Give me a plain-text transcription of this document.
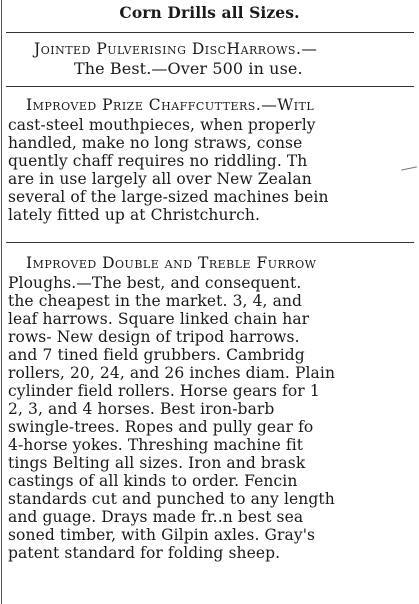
Corn Drills all Sizes.
Jointed Pulverising DiscHarrows.—
The Best.—Over 500 in use.
Improved Prize Chaffcutters.—Witl
cast-steel mouthpieces, when properly
handled, make no long straws, conse
quently chaff requires no riddling. Th
are in use largely all over New Zealan
several of the large-sized machines bein
lately fitted up at Christchurch.
Improved Double and Treble Furrow
Ploughs.—The best, and consequent.
the cheapest in the market. 3, 4, and
leaf harrows. Square linked chain har
rows- New design of tripod harrows.
and 7 tined field grubbers. Cambridg
rollers, 20, 24, and 26 inches diam. Plain
cylinder field rollers. Horse gears for 1
2, 3, and 4 horses. Best iron-barb
swingle-trees. Ropes and pully gear fo
4-horse yokes. Threshing machine fit
tings Belting all sizes. Iron and brask
castings of all kinds to order. Fencin
standards cut and punched to any length
and guage. Drays made fr..n best sea
soned timber, with Gilpin axles. Gray's
patent standard for folding sheep.
